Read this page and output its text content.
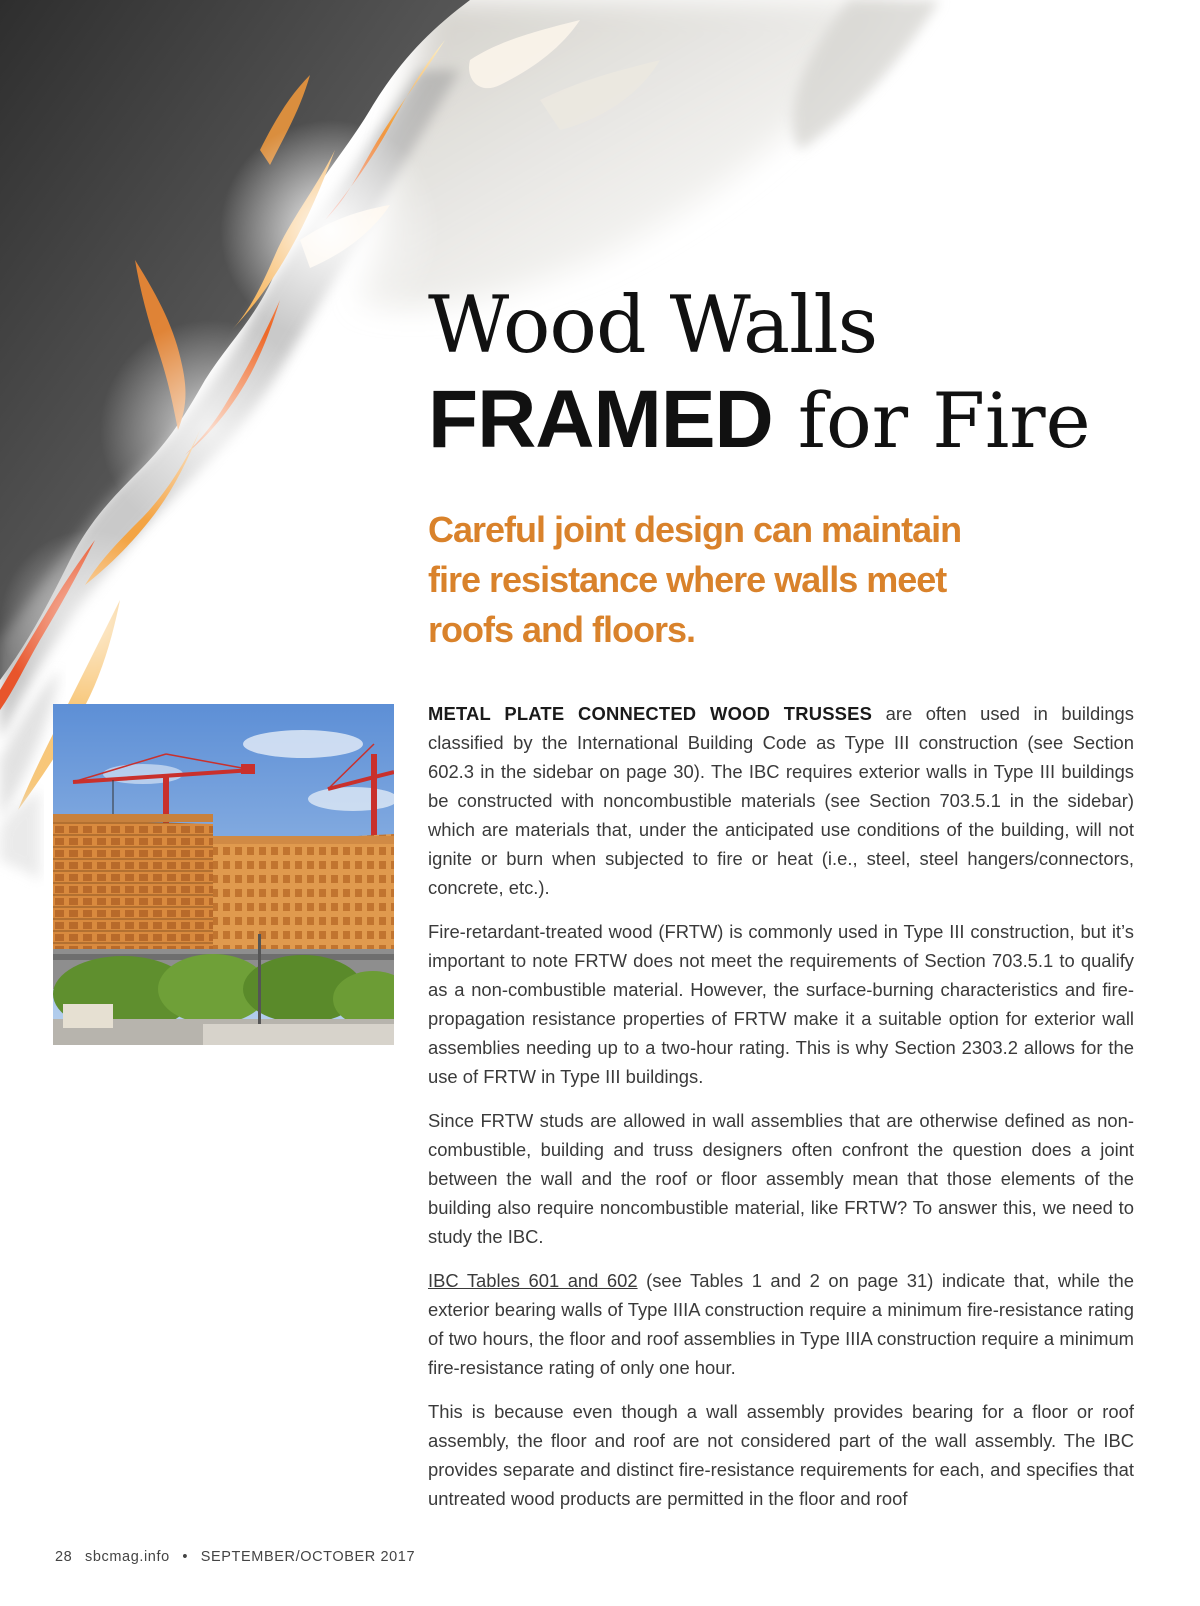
Wood Walls
FRAMED for Fire

Careful joint design can maintain fire resistance where walls meet roofs and floors.

METAL PLATE CONNECTED WOOD TRUSSES are often used in buildings classified by the International Building Code as Type III construction (see Section 602.3 in the sidebar on page 30). The IBC requires exterior walls in Type III buildings be constructed with noncombustible materials (see Section 703.5.1 in the sidebar) which are materials that, under the anticipated use conditions of the building, will not ignite or burn when subjected to fire or heat (i.e., steel, steel hangers/connectors, concrete, etc.).

Fire-retardant-treated wood (FRTW) is commonly used in Type III construction, but it’s important to note FRTW does not meet the requirements of Section 703.5.1 to qualify as a non-combustible material. However, the surface-burning characteristics and fire-propagation resistance properties of FRTW make it a suitable option for exterior wall assemblies needing up to a two-hour rating. This is why Section 2303.2 allows for the use of FRTW in Type III buildings.

Since FRTW studs are allowed in wall assemblies that are otherwise defined as non-combustible, building and truss designers often confront the question does a joint between the wall and the roof or floor assembly mean that those elements of the building also require noncombustible material, like FRTW? To answer this, we need to study the IBC.

IBC Tables 601 and 602 (see Tables 1 and 2 on page 31) indicate that, while the exterior bearing walls of Type IIIA construction require a minimum fire-resistance rating of two hours, the floor and roof assemblies in Type IIIA construction require a minimum fire-resistance rating of only one hour.

This is because even though a wall assembly provides bearing for a floor or roof assembly, the floor and roof are not considered part of the wall assembly. The IBC provides separate and distinct fire-resistance requirements for each, and specifies that untreated wood products are permitted in the floor and roof

28 sbcmag.info • SEPTEMBER/OCTOBER 2017
